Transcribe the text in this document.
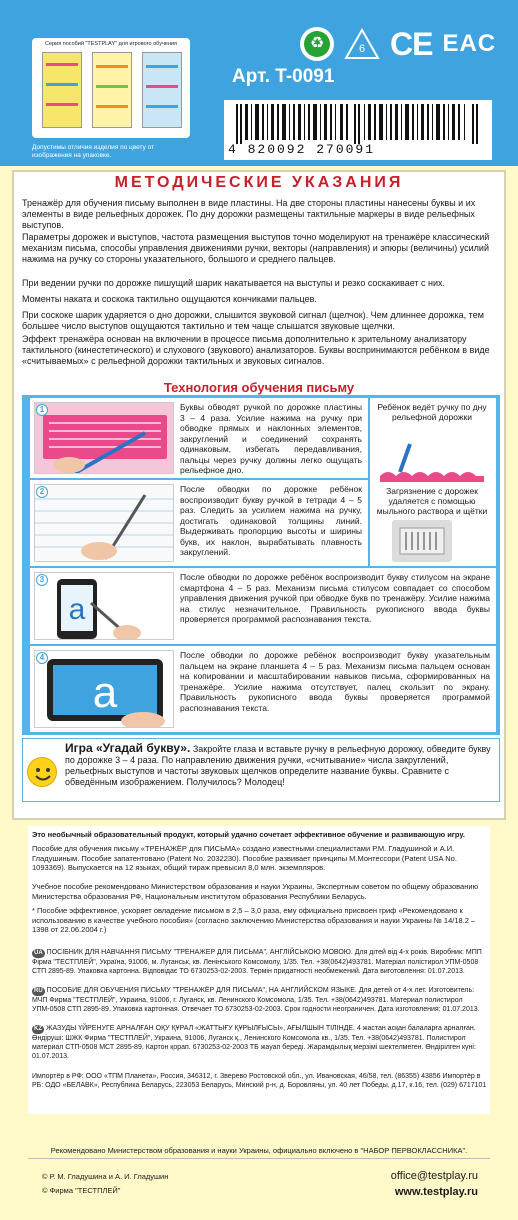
Серия пособий "TESTPLAY" для игрового обучения
Допустимы отличия изделия по цвету от изображения на упаковке.
♻	6 CE EAC
Арт. T-0091
4 820092 270091
МЕТОДИЧЕСКИЕ УКАЗАНИЯ
Тренажёр для обучения письму выполнен в виде пластины. На две стороны пластины нанесены буквы и их элементы в виде рельефных дорожек. По дну дорожки размещены тактильные маркеры в виде рельефных выступов.
Параметры дорожек и выступов, частота размещения выступов точно моделируют на тренажёре классический механизм письма, способы управления движениями ручки, векторы (направления) и эпюры (величины) усилий нажима на ручку со стороны указательного, большого и среднего пальцев.
При ведении ручки по дорожке пишущий шарик накатывается на выступы и резко соскакивает с них.
Моменты наката и соскока тактильно ощущаются кончиками пальцев.
При соскоке шарик ударяется о дно дорожки, слышится звуковой сигнал (щелчок). Чем длиннее дорожка, тем большее число выступов ощущаются тактильно и тем чаще слышатся звуковые щелчки.
Эффект тренажёра основан на включении в процессе письма дополнительно к зрительному анализатору тактильного (кинестетического) и слухового (звукового) анализаторов. Буквы воспринимаются ребёнком в виде «считываемых» с рельефной дорожки тактильных и звуковых сигналов.
Технология обучения письму
1	Буквы обводят ручкой по дорожке пластины 3 – 4 раза. Усилие нажима на ручку при обводке прямых и наклонных элементов, закруглений и соединений сохранять одинаковым, избегать передавливания, пальцы через ручку должны легко ощущать рельефное дно.
Ребёнок ведёт ручку по дну рельефной дорожки
Загрязнение с дорожек удаляется с помощью мыльного раствора и щётки
2	После обводки по дорожке ребёнок воспроизводит букву ручкой в тетради 4 – 5 раз. Следить за усилием нажима на ручку, достигать одинаковой толщины линий. Выдерживать пропорцию высоты и ширины букв, их наклон, вырабатывать плавность закруглений.
a
3	После обводки по дорожке ребёнок воспроизводит букву стилусом на экране смартфона 4 – 5 раз. Механизм письма стилусом совпадает со способом управления движения ручкой при обводке букв по тренажёру. Усилие нажима на стилус незначительное. Правильность рукописного ввода буквы проверяется программой распознавания текста.
a
4	После обводки по дорожке ребёнок воспроизводит букву указательным пальцем на экране планшета 4 – 5 раз. Механизм письма пальцем основан на копировании и масштабировании навыков письма, сформированных на тренажёре. Усилие нажима отсутствует, палец скользит по экрану. Правильность рукописного ввода буквы проверяется программой распознавания текста.
Игра «Угадай букву». Закройте глаза и вставьте ручку в рельефную дорожку, обведите букву по дорожке 3 – 4 раза. По направлению движения ручки, «считывание» числа закруглений, рельефных выступов и частоты звуковых щелчков определите название буквы. Сравните с обведённым изображением. Получилось? Молодец!
Это необычный образовательный продукт, который удачно сочетает эффективное обучение и развивающую игру.
Пособие для обучения письму «ТРЕНАЖЁР для ПИСЬМА» создано известными специалистами Р.М. Гладушиной и А.И. Гладушиным. Пособие запатентовано (Patent No. 2032230). Пособие развивает принципы М.Монтессори (Patent USA No. 1093369). Выпускается на 12 языках, общий тираж превысил 8,0 млн. экземпляров.
Учебное пособие рекомендовано Министерством образования и науки Украины, Экспертным советом по общему образованию Министерства образования РФ, Национальным институтом образования Республики Беларусь.
* Пособие эффективное, ускоряет овладение письмом в 2,5 – 3,0 раза, ему официально присвоен гриф «Рекомендовано к использованию в качестве учебного пособия» (согласно заключению Министерства образования и науки Украины № 14/18.2 – 1398 от 22.06.2004 г.)
UA ПОСІБНИК ДЛЯ НАВЧАННЯ ПИСЬМУ "ТРЕНАЖЕР ДЛЯ ПИСЬМА", АНГЛІЙСЬКОЮ МОВОЮ. Для дітей від 4-х років. Виробник: МПП Фірма "ТЕСТПЛЕЙ", Україна, 91006, м. Луганськ, кв. Ленінського Комсомолу, 1/35. Тел. +38(0642)493781. Матеріал полістирол УПМ-0508 СТП 2895-89. Упаковка картонна. Відповідає ТО 6730253-02-2003. Термін придатності необмежений. Дата виготовлення: 01.07.2013.
RU ПОСОБИЕ ДЛЯ ОБУЧЕНИЯ ПИСЬМУ "ТРЕНАЖЁР ДЛЯ ПИСЬМА", НА АНГЛИЙСКОМ ЯЗЫКЕ. Для детей от 4-х лет. Изготовитель: МЧП Фирма "ТЕСТПЛЕЙ", Украина, 91006, г. Луганск, кв. Ленинского Комсомола, 1/35. Тел. +38(0642)493781. Материал полистирол УПМ-0508 СТП 2895-89. Упаковка картонная. Отвечает ТО 6730253-02-2003. Срок годности неограничен. Дата изготовления: 01.07.2013.
KZ ЖАЗУДЫ ҮЙРЕНУГЕ АРНАЛҒАН ОҚУ ҚҰРАЛ «ЖАТТЫҒУ ҚҰРЫЛҒЫСЫ», АҒЫЛШЫН ТІЛІНДЕ. 4 жастан асқан балаларға арналған. Өндіруші: ШЖК Фирма "ТЕСТПЛЕЙ", Украина, 91006, Луганск қ., Ленинского Комсомола кв., 1/35. Тел. +38(0642)493781. Полистирол материал СТП-0508 МСТ 2895-89. Картон қорап. 6730253-02-2003 ТБ жауап береді. Жарамдылық мерзімі шектелмеген. Өндірілген күні: 01.07.2013.
Импортёр в РФ: ООО «ТПМ Планета», Россия, 346312, г. Зверево Ростовской обл., ул. Ивановская, 46/58, тел. (86355) 43856 Импортёр в РБ: ОДО «БЕЛАВК», Республика Беларусь, 223053 Беларусь, Минский р-н, д. Боровляны, ул. 40 лет Победы, д.17, к.16, тел. (029) 6717101
Рекомендовано Министерством образования и науки Украины, официально включено в "НАБОР ПЕРВОКЛАССНИКА".
© Р. М. Гладушина и А. И. Гладушин
© Фирма "ТЕСТПЛЕЙ"
office@testplay.ru
www.testplay.ru
